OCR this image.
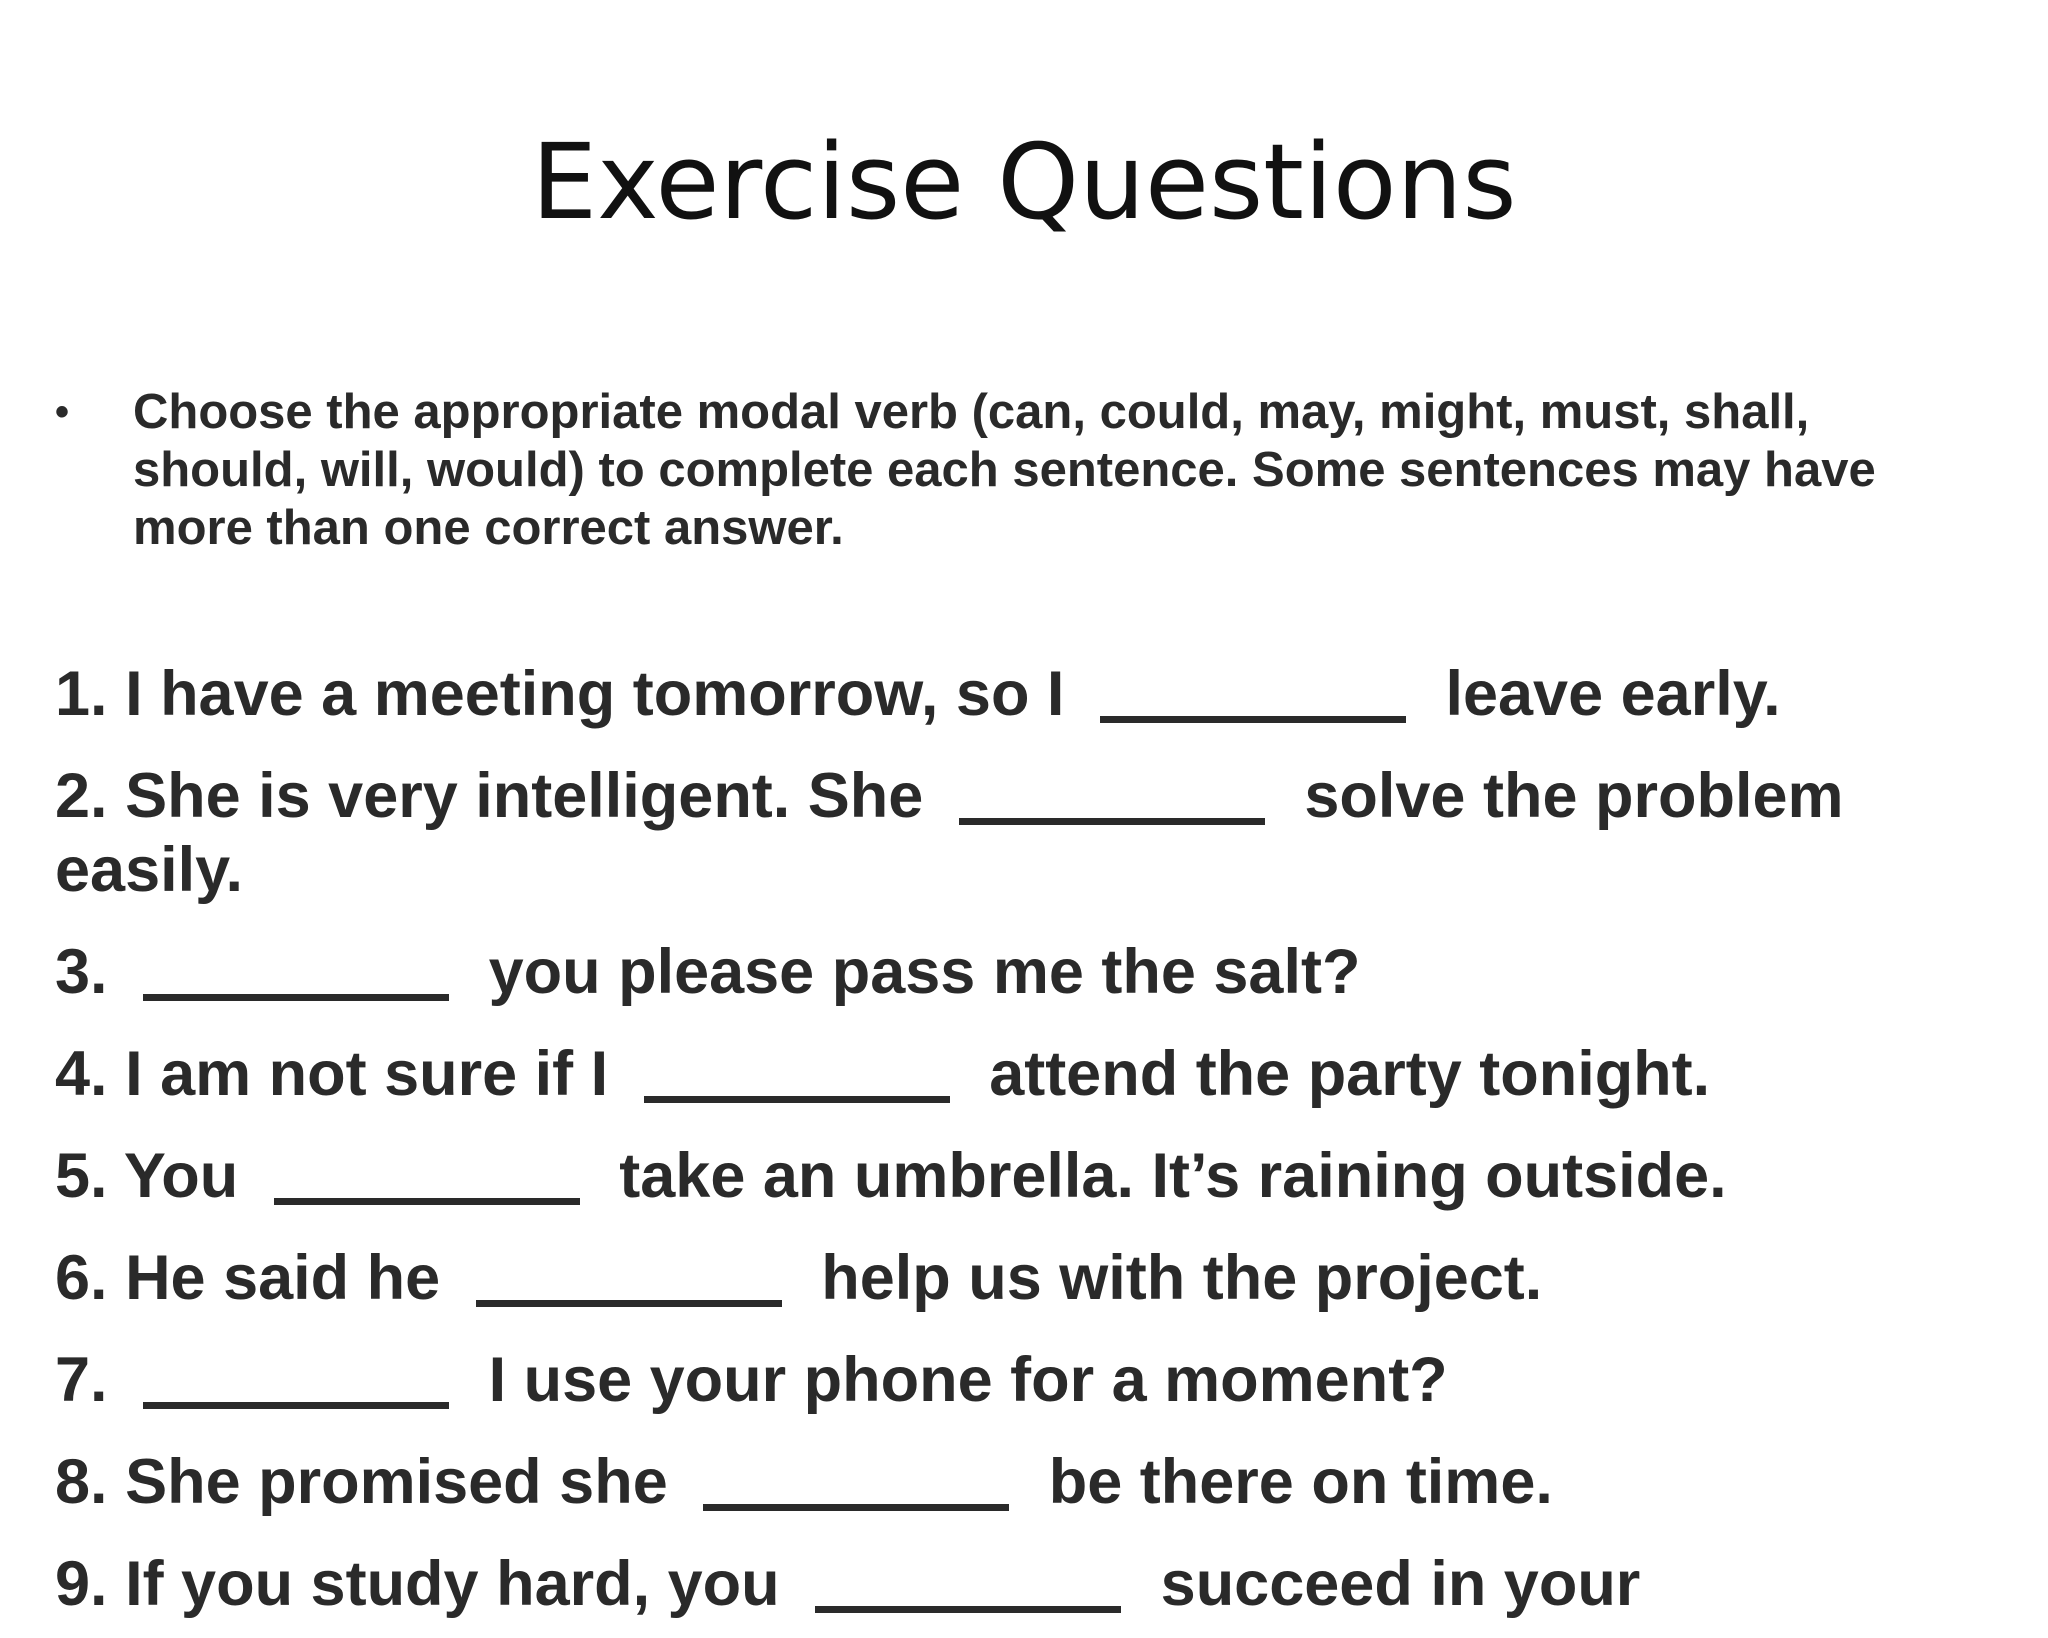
Exercise Questions
•	Choose the appropriate modal verb (can, could, may, might, must, shall, should, will, would) to complete each sentence. Some sentences may have more than one correct answer.
1. I have a meeting tomorrow, so I	leave early.
2. She is very intelligent. She	solve the problem easily.
3.	you please pass me the salt?
4. I am not sure if I	attend the party tonight.
5. You	take an umbrella. It’s raining outside.
6. He said he	help us with the project.
7.	I use your phone for a moment?
8. She promised she	be there on time.
9. If you study hard, you	succeed in your
